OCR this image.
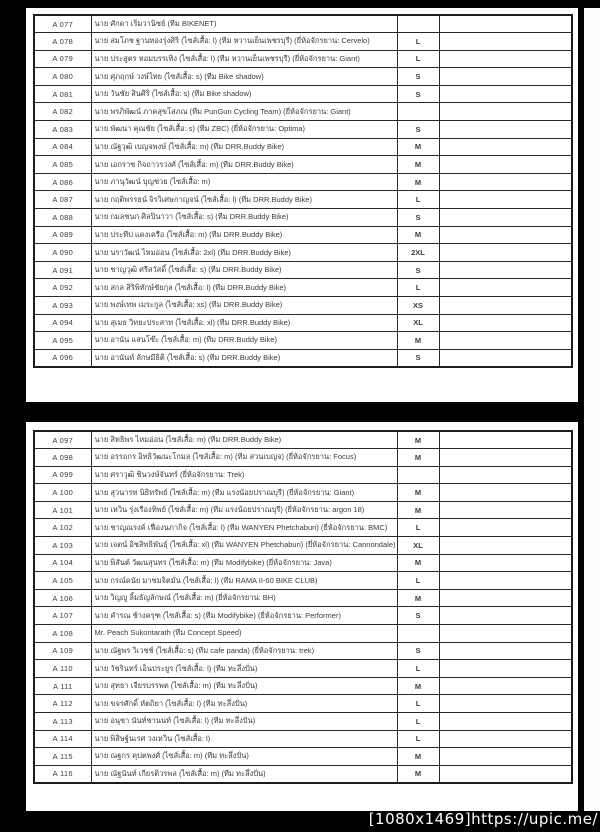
A 077	นาย ศักดา เริ่มวานิชย์ (ทีม BIKENET)		
A 078	นาย สมโภช ฐานทองรุ่งศิริ (ไซส์เสื้อ: l) (ทีม หวานเย็นเพชรบุรี) (ยี่ห้อจักรยาน: Cervelo)	L	
A 079	นาย ประสูตร หอมบรรเทิง (ไซส์เสื้อ: l) (ทีม หวานเย็นเพชรบุรี) (ยี่ห้อจักรยาน: Giant)	L	
A 080	นาย ศุภฤกษ์ วงษ์ไทย (ไซส์เสื้อ: s) (ทีม Bike shadow)	S	
A 081	นาย วันชัย สินศิริ (ไซส์เสื้อ: s) (ทีม Bike shadow)	S	
A 082	นาย พรภิพัฒน์ ภาคสุขโสภณ (ทีม PunGun Cycling Team) (ยี่ห้อจักรยาน: Giant)		
A 083	นาย พัฒนา คุณชัย (ไซส์เสื้อ: s) (ทีม ZBC) (ยี่ห้อจักรยาน: Optima)	S	
A 084	นาย ณัฐวุฒิ เบญจพงษ์ (ไซส์เสื้อ: m) (ทีม DRR.Buddy Bike)	M	
A 085	นาย เอกราช กิจถาวรวงศ์ (ไซส์เสื้อ: m) (ทีม DRR.Buddy Bike)	M	
A 086	นาย ภานุวัฒน์ บุญช่วย (ไซส์เสื้อ: m)	M	
A 087	นาย กฤติพรรธน์ จิรวิเศษกาญจน์ (ไซส์เสื้อ: l) (ทีม DRR.Buddy Bike)	L	
A 088	นาย กมลชนก ศิลปินาวา (ไซส์เสื้อ: s) (ทีม DRR.Buddy Bike)	S	
A 089	นาย ประทีป แดงเครือ (ไซส์เสื้อ: m) (ทีม DRR.Buddy Bike)	M	
A 090	นาย นราวัฒน์ ไหมอ่อน (ไซส์เสื้อ: 2xl) (ทีม DRR.Buddy Bike)	2XL	
A 091	นาย ชาญวุฒิ ศรีสวัสดิ์ (ไซส์เสื้อ: s) (ทีม DRR.Buddy Bike)	S	
A 092	นาย สกล สิริพิทักษ์ชัยกุล (ไซส์เสื้อ: l) (ทีม DRR.Buddy Bike)	L	
A 093	นาย พงษ์เทพ เมระกูล (ไซส์เสื้อ: xs) (ทีม DRR.Buddy Bike)	XS	
A 094	นาย สุเมธ วิทยะประสาท (ไซส์เสื้อ: xl) (ทีม DRR.Buddy Bike)	XL	
A 095	นาย อานัน แสนโซ๊ะ (ไซส์เสื้อ: m) (ทีม DRR.Buddy Bike)	M	
A 096	นาย อานันท์ ลักษมีธิติ (ไซส์เสื้อ: s) (ทีม DRR.Buddy Bike)	S	
A 097	นาย สิทธิพร ไหมอ่อน (ไซส์เสื้อ: m) (ทีม DRR.Buddy Bike)	M	
A 098	นาย อรรถกร อิทธิวัฒนะโกมล (ไซส์เสื้อ: m) (ทีม สวนเบญจ) (ยี่ห้อจักรยาน: Focus)	M	
A 099	นาย ศราวุฒิ ชินวงษ์จันทร์ (ยี่ห้อจักรยาน: Trek)		
A 100	นาย สุวนารท นิธิทรัพย์ (ไซส์เสื้อ: m) (ทีม แรงน้อยปราณบุรี) (ยี่ห้อจักรยาน: Giant)	M	
A 101	นาย เหวิน รุ่งเรืองทิพย์ (ไซส์เสื้อ: m) (ทีม แรงน้อยปราณบุรี) (ยี่ห้อจักรยาน: argon 18)	M	
A 102	นาย ชาญณรงค์ เฟื่องนภากิจ (ไซส์เสื้อ: l) (ทีม WANYEN Phetchaburi) (ยี่ห้อจักรยาน: BMC)	L	
A 103	นาย เจตน์ อิชสิทธิพันธุ์ (ไซส์เสื้อ: xl) (ทีม WANYEN Phetchaburi) (ยี่ห้อจักรยาน: Cannondale)	XL	
A 104	นาย พิสันต์ วัฒนสุนทร (ไซส์เสื้อ: m) (ทีม Modifybike) (ยี่ห้อจักรยาน: Java)	M	
A 105	นาย กรณ์ดนัย มาชมจิตมั่น (ไซส์เสื้อ: l) (ทีม RAMA II-60 BIKE CLUB)	L	
A 106	นาย วิญญู ลิ้มธัญลักษณ์ (ไซส์เสื้อ: m) (ยี่ห้อจักรยาน: BH)	M	
A 107	นาย คำรณ ช้างครุฑ (ไซส์เสื้อ: s) (ทีม Modifybike) (ยี่ห้อจักรยาน: Performer)	S	
A 108	Mr. Peach Sukontarath (ทีม Concept Speed)		
A 109	นาย ณัฐพร วิเวชช์ (ไซส์เสื้อ: s) (ทีม cafe panda) (ยี่ห้อจักรยาน: trek)	S	
A 110	นาย วัชรินทร์ เอ็นประยูร (ไซส์เสื้อ: l) (ทีม ทะลึ่งปั่น)	L	
A 111	นาย สุทธา เจียรบรรพต (ไซส์เสื้อ: m) (ทีม ทะลึ่งปั่น)	M	
A 112	นาย ขจรศักดิ์ หัตถิยา (ไซส์เสื้อ: l) (ทีม ทะลึ่งปั่น)	L	
A 113	นาย อนุชา นันท์ชานนท์ (ไซส์เสื้อ: l) (ทีม ทะลึ่งปั่น)	L	
A 114	นาย พิสิษฐ์นเรศ วงเหวิน (ไซส์เสื้อ: l)	L	
A 115	นาย ณฐกร คุปตพงศ์ (ไซส์เสื้อ: m) (ทีม ทะลึ่งปั่น)	M	
A 116	นาย ณัฐนันท์ เกียรติวรพล (ไซส์เสื้อ: m) (ทีม ทะลึ่งปั่น)	M	
[1080x1469]https://upic.me/
